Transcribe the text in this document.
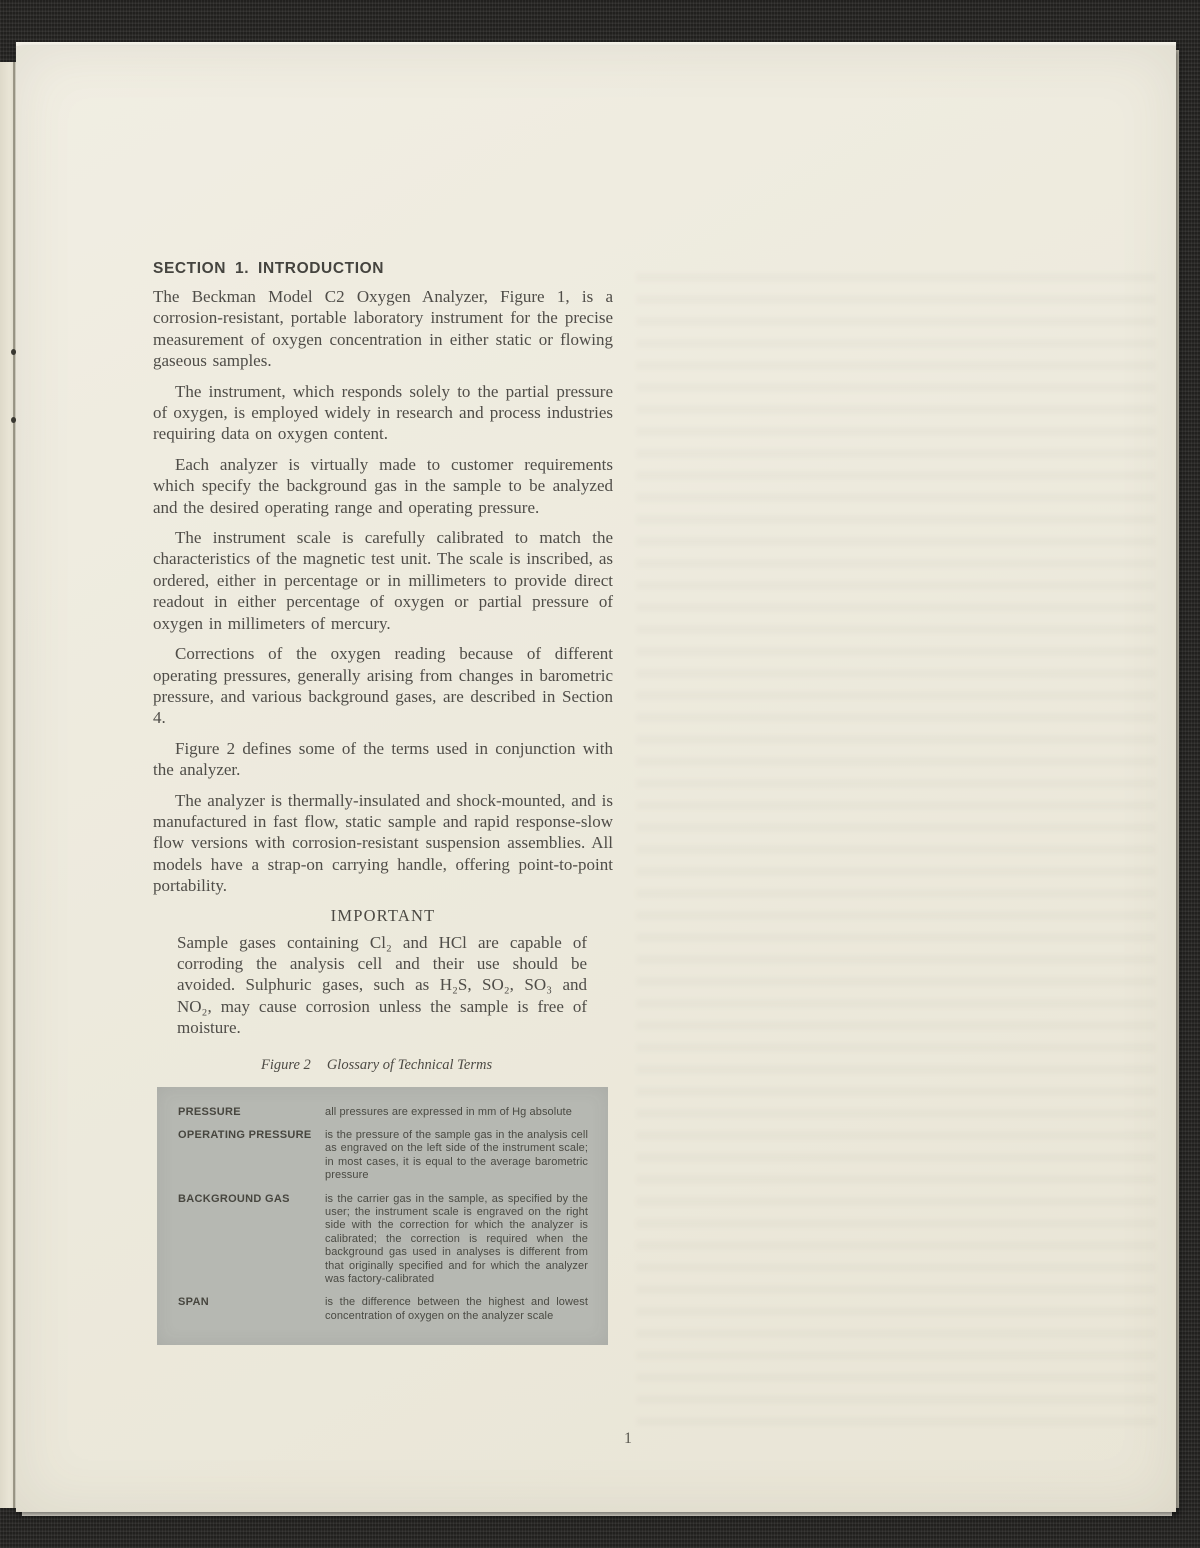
SECTION 1. INTRODUCTION

The Beckman Model C2 Oxygen Analyzer, Figure 1, is a corrosion-resistant, portable laboratory instrument for the precise measurement of oxygen concentration in either static or flowing gaseous samples.

The instrument, which responds solely to the partial pressure of oxygen, is employed widely in research and process industries requiring data on oxygen content.

Each analyzer is virtually made to customer requirements which specify the background gas in the sample to be analyzed and the desired operating range and operating pressure.

The instrument scale is carefully calibrated to match the characteristics of the magnetic test unit. The scale is inscribed, as ordered, either in percentage or in millimeters to provide direct readout in either percentage of oxygen or partial pressure of oxygen in millimeters of mercury.

Corrections of the oxygen reading because of different operating pressures, generally arising from changes in barometric pressure, and various background gases, are described in Section 4.

Figure 2 defines some of the terms used in conjunction with the analyzer.

The analyzer is thermally-insulated and shock-mounted, and is manufactured in fast flow, static sample and rapid response-slow flow versions with corrosion-resistant suspension assemblies. All models have a strap-on carrying handle, offering point-to-point portability.

IMPORTANT

Sample gases containing Cl₂ and HCl are capable of corroding the analysis cell and their use should be avoided. Sulphuric gases, such as H₂S, SO₂, SO₃ and NO₂, may cause corrosion unless the sample is free of moisture.

Figure 2 Glossary of Technical Terms
PRESSURE	all pressures are expressed in mm of Hg absolute
OPERATING PRESSURE	is the pressure of the sample gas in the analysis cell as engraved on the left side of the instrument scale; in most cases, it is equal to the average barometric pressure
BACKGROUND GAS	is the carrier gas in the sample, as specified by the user; the instrument scale is engraved on the right side with the correction for which the analyzer is calibrated; the correction is required when the background gas used in analyses is different from that originally specified and for which the analyzer was factory-calibrated
SPAN	is the difference between the highest and lowest concentration of oxygen on the analyzer scale
1
